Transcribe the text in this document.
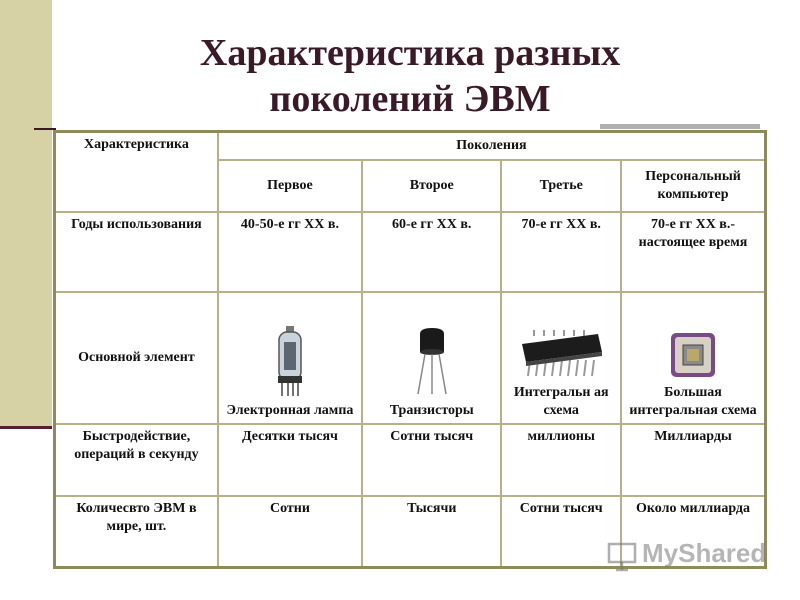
Характеристика разных
поколений ЭВМ
Характеристика	Поколения			
	Первое	Второе	Третье	Персональный компьютер
Годы использования	40-50-е гг ХХ в.	60-е гг ХХ в.	70-е гг ХХ в.	70-е гг ХХ в.-настоящее время
Основной элемент	Электронная лампа	Транзисторы	Интегральн ая схема	Большая интегральная схема

Быстродействие, операций в секунду	Десятки тысяч	Сотни тысяч	миллионы	Миллиарды
Количесвто ЭВМ в мире, шт.	Сотни	Тысячи	Сотни тысяч	Около миллиарда
MyShared
